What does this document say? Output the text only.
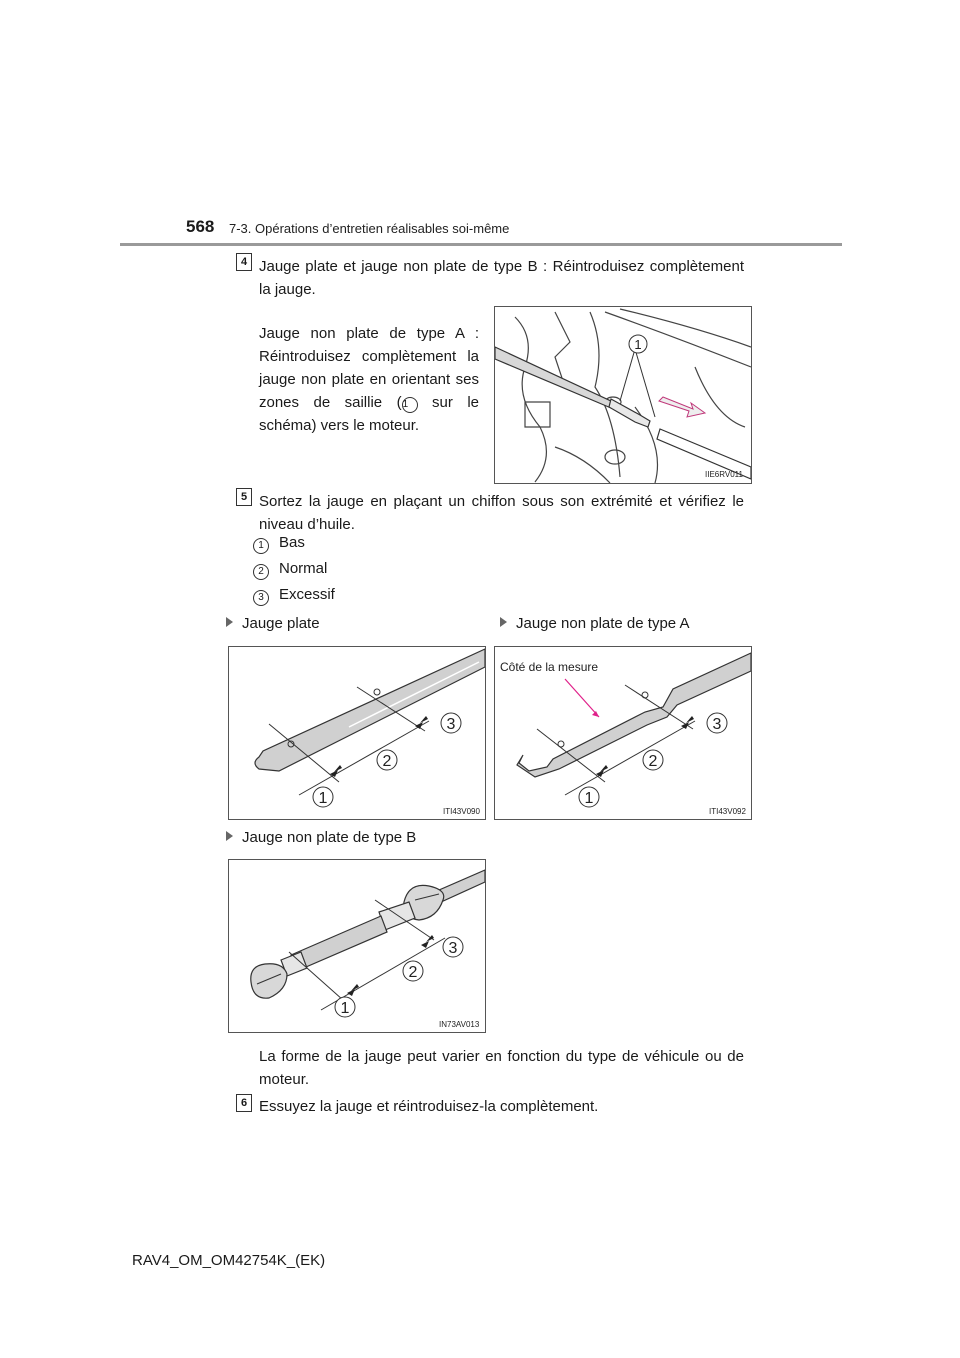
568 7-3. Opérations d’entretien réalisables soi-même
4 Jauge plate et jauge non plate de type B : Réintroduisez complètement la jauge.
Jauge non plate de type A :
Réintroduisez complètement la
jauge non plate en orientant ses
zones de saillie (1 sur le
schéma) vers le moteur.
1
IIE6RV011
5 Sortez la jauge en plaçant un chiffon sous son extrémité et vérifiez le niveau d’huile.
1 Bas
2 Normal
3 Excessif
Jauge plate	Jauge non plate de type A
1
2
3
ITI43V090
Côté de la mesure
1
2
3
ITI43V092
Jauge non plate de type B
1
2
3
IN73AV013
La forme de la jauge peut varier en fonction du type de véhicule ou de moteur.
6 Essuyez la jauge et réintroduisez-la complètement.
RAV4_OM_OM42754K_(EK)
